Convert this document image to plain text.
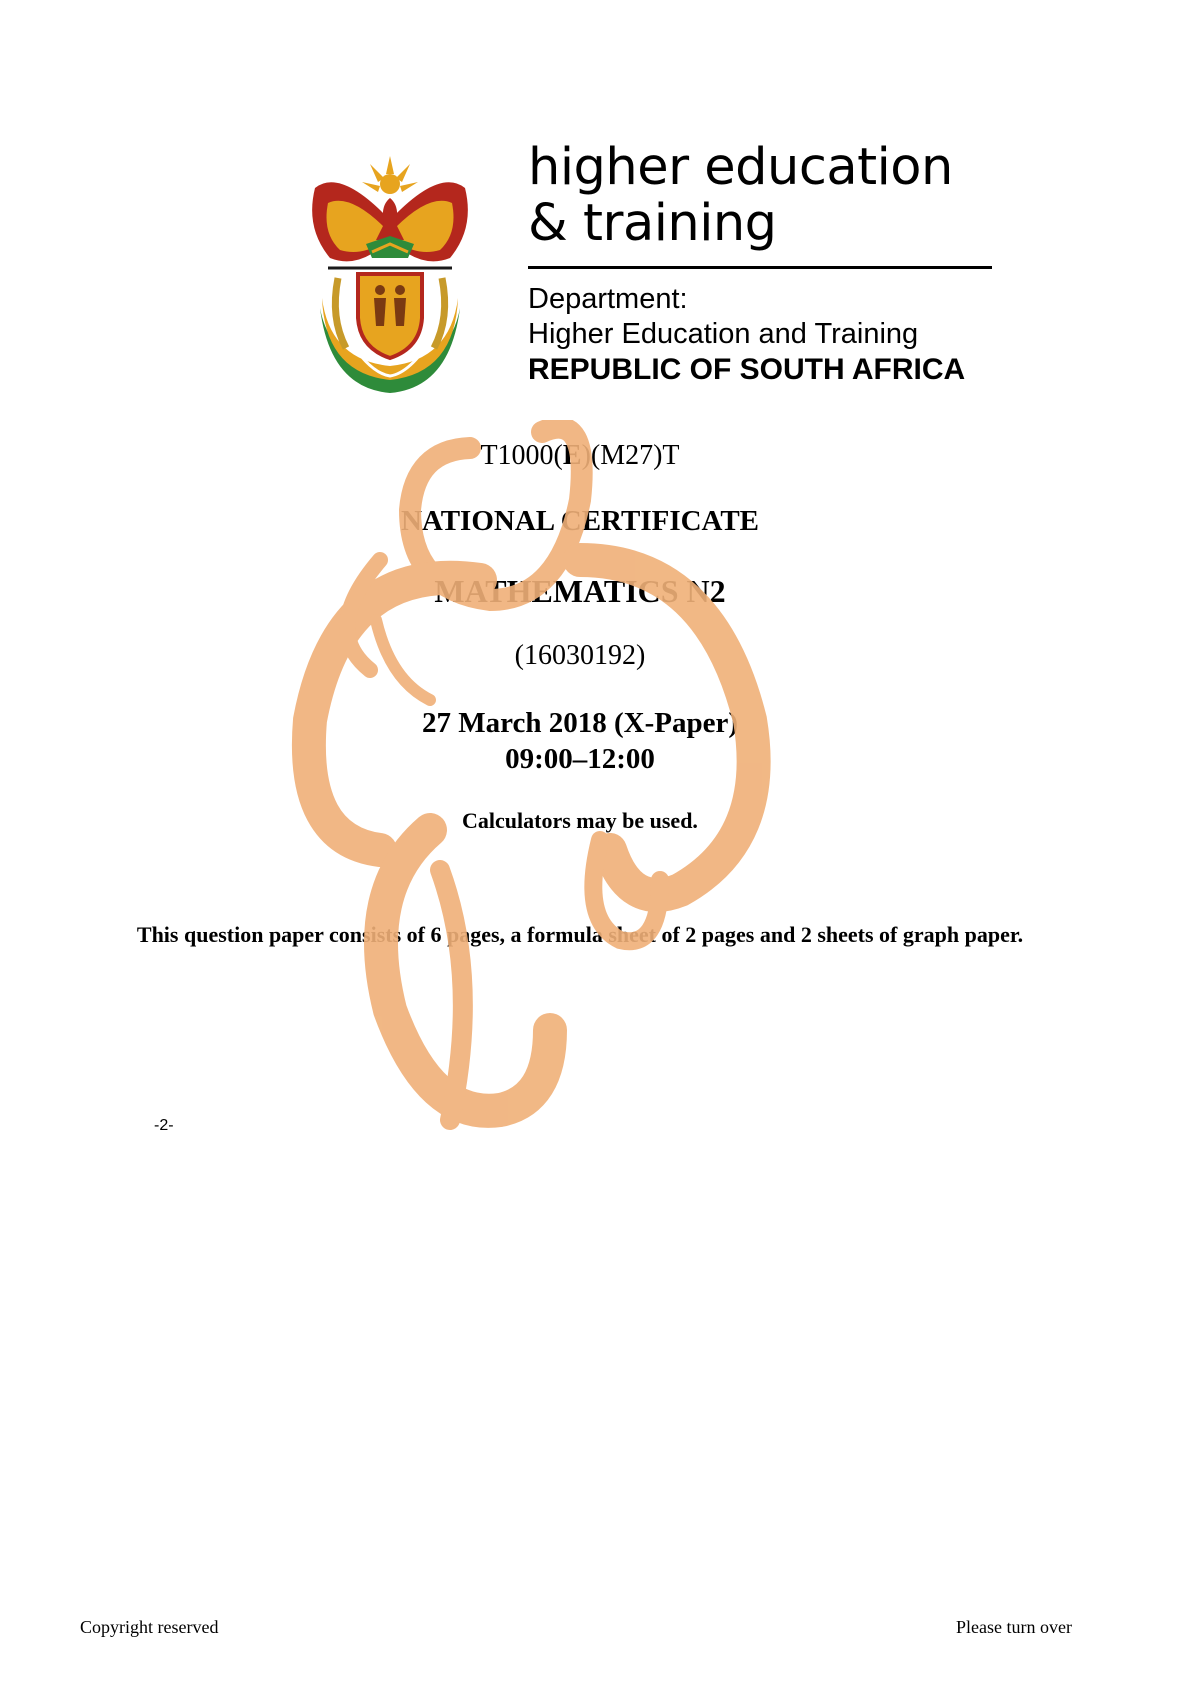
higher education
& training
Department:
Higher Education and Training
REPUBLIC OF SOUTH AFRICA
T1000(E)(M27)T
NATIONAL CERTIFICATE
MATHEMATICS N2
(16030192)
27 March 2018 (X-Paper)
09:00–12:00
Calculators may be used.
This question paper consists of 6 pages, a formula sheet of 2 pages and 2 sheets of graph paper.
-2-
Copyright reserved	Please turn over
